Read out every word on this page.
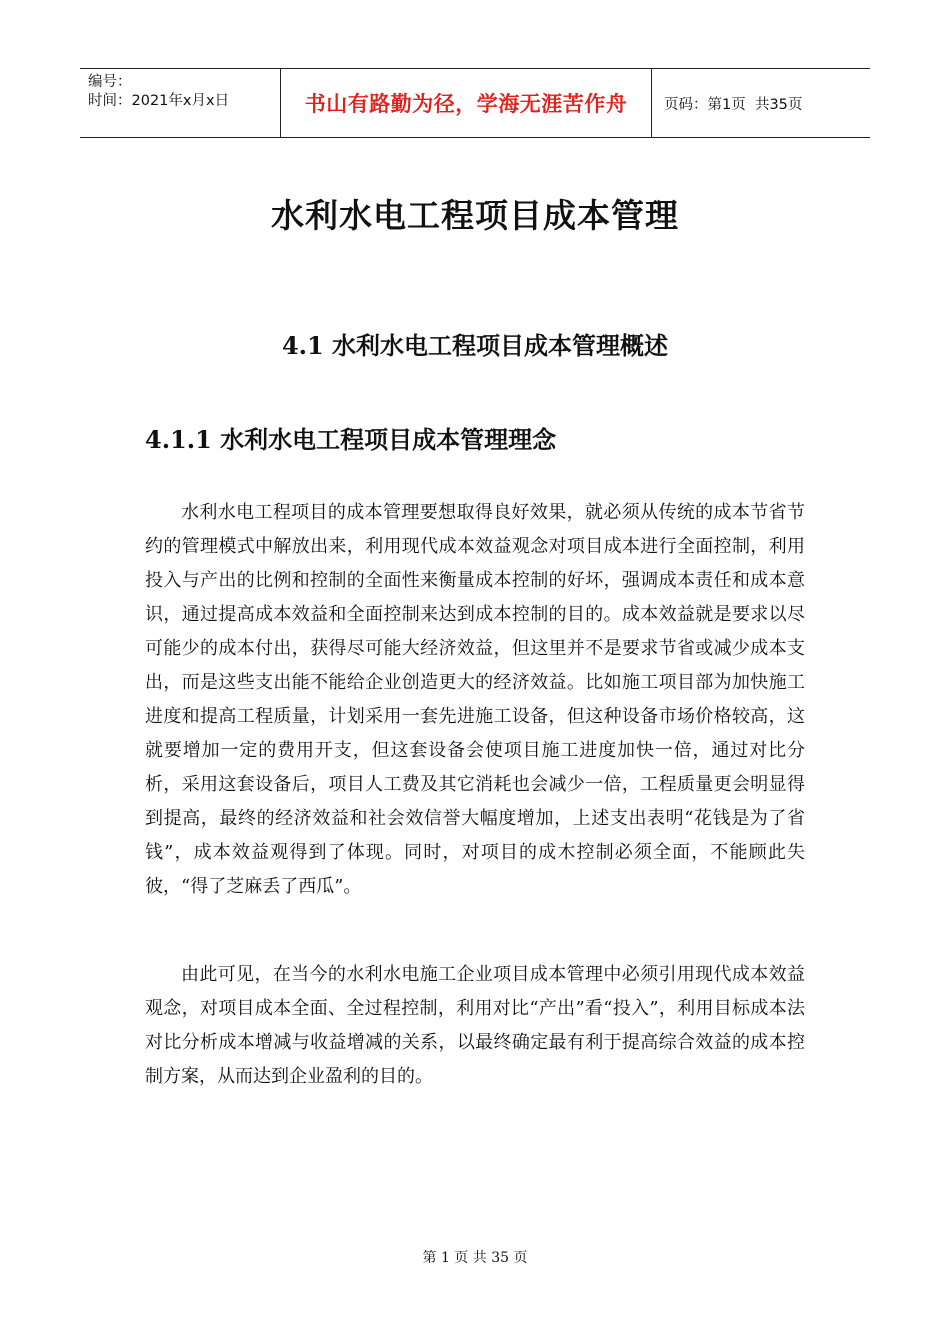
编号：
时间：2021年x月x日	书山有路勤为径，学海无涯苦作舟	页码：第1页  共35页
水利水电工程项目成本管理
4.1 水利水电工程项目成本管理概述
4.1.1 水利水电工程项目成本管理理念

水利水电工程项目的成本管理要想取得良好效果，就必须从传统的成本节省节约的管理模式中解放出来，利用现代成本效益观念对项目成本进行全面控制，利用投入与产出的比例和控制的全面性来衡量成本控制的好坏，强调成本责任和成本意识，通过提高成本效益和全面控制来达到成本控制的目的。成本效益就是要求以尽可能少的成本付出，获得尽可能大经济效益，但这里并不是要求节省或减少成本支出，而是这些支出能不能给企业创造更大的经济效益。比如施工项目部为加快施工进度和提高工程质量，计划采用一套先进施工设备，但这种设备市场价格较高，这就要增加一定的费用开支，但这套设备会使项目施工进度加快一倍，通过对比分析，采用这套设备后，项目人工费及其它消耗也会减少一倍，工程质量更会明显得到提高，最终的经济效益和社会效信誉大幅度增加，上述支出表明“花钱是为了省钱”，成本效益观得到了体现。同时，对项目的成木控制必须全面，不能顾此失彼，“得了芝麻丢了西瓜”。

由此可见，在当今的水利水电施工企业项目成本管理中必须引用现代成本效益观念，对项目成本全面、全过程控制，利用对比“产出”看“投入”，利用目标成本法对比分析成本增减与收益增减的关系，以最终确定最有利于提高综合效益的成本控制方案，从而达到企业盈利的目的。

第 1 页 共 35 页
